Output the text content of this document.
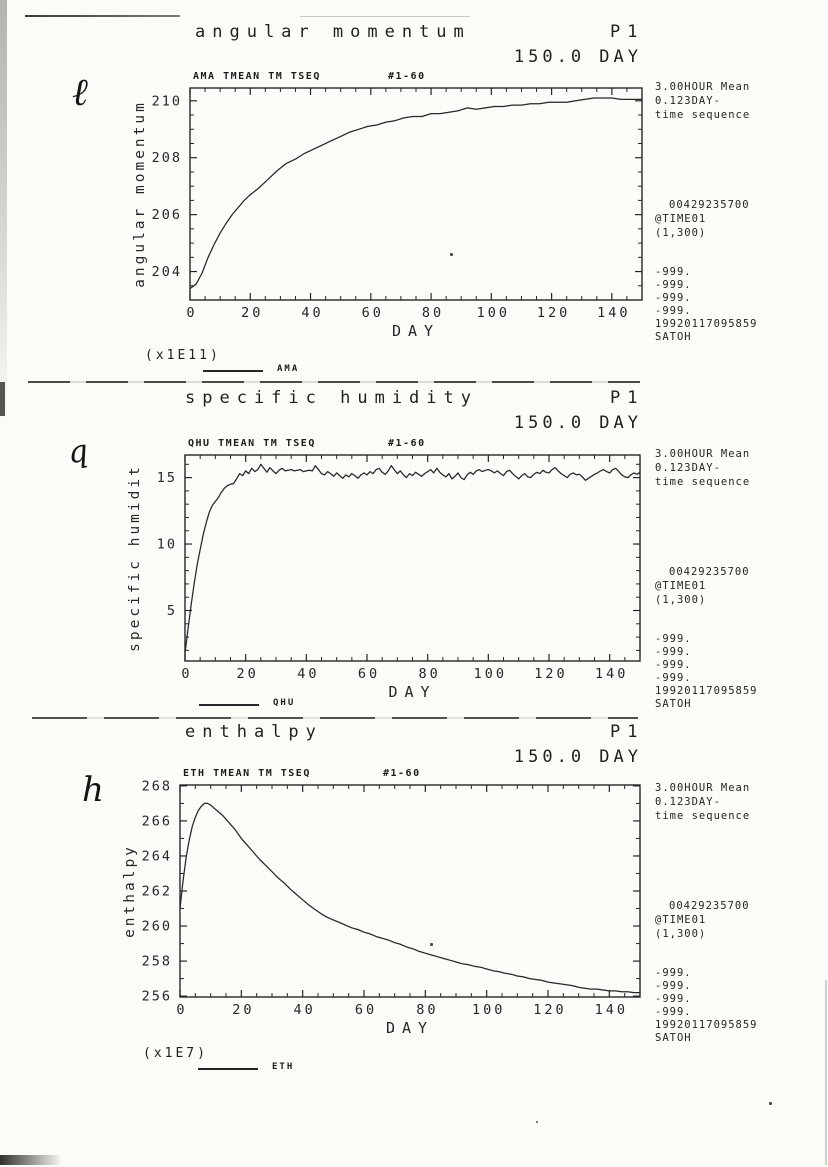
angular momentum	P1
150.0 DAY
AMA TMEAN TM TSEQ	#1-60
ℓ
0	20	40	60	80 100 120 140
204
206
208
210
DAY
angular momentum
(x1E11)
AMA
3.00HOUR Mean
0.123DAY-
time sequence
00429235700
@TIME01
(1,300)
-999.
-999.
-999.
-999.
19920117095859
SATOH
specific humidity	P1
150.0 DAY
QHU TMEAN TM TSEQ	#1-60
q
0	20	40	60	80 100 120 140
5
10
15
DAY
specific humidit
QHU
3.00HOUR Mean
0.123DAY-
time sequence
00429235700
@TIME01
(1,300)
-999.
-999.
-999.
-999.
19920117095859
SATOH
enthalpy	P1
150.0 DAY
ETH TMEAN TM TSEQ	#1-60
h
0	20	40	60	80 100 120 140
256
258
260
262
264
266
268
DAY
enthalpy
(x1E7)
ETH
3.00HOUR Mean
0.123DAY-
time sequence
00429235700
@TIME01
(1,300)
-999.
-999.
-999.
-999.
19920117095859
SATOH
